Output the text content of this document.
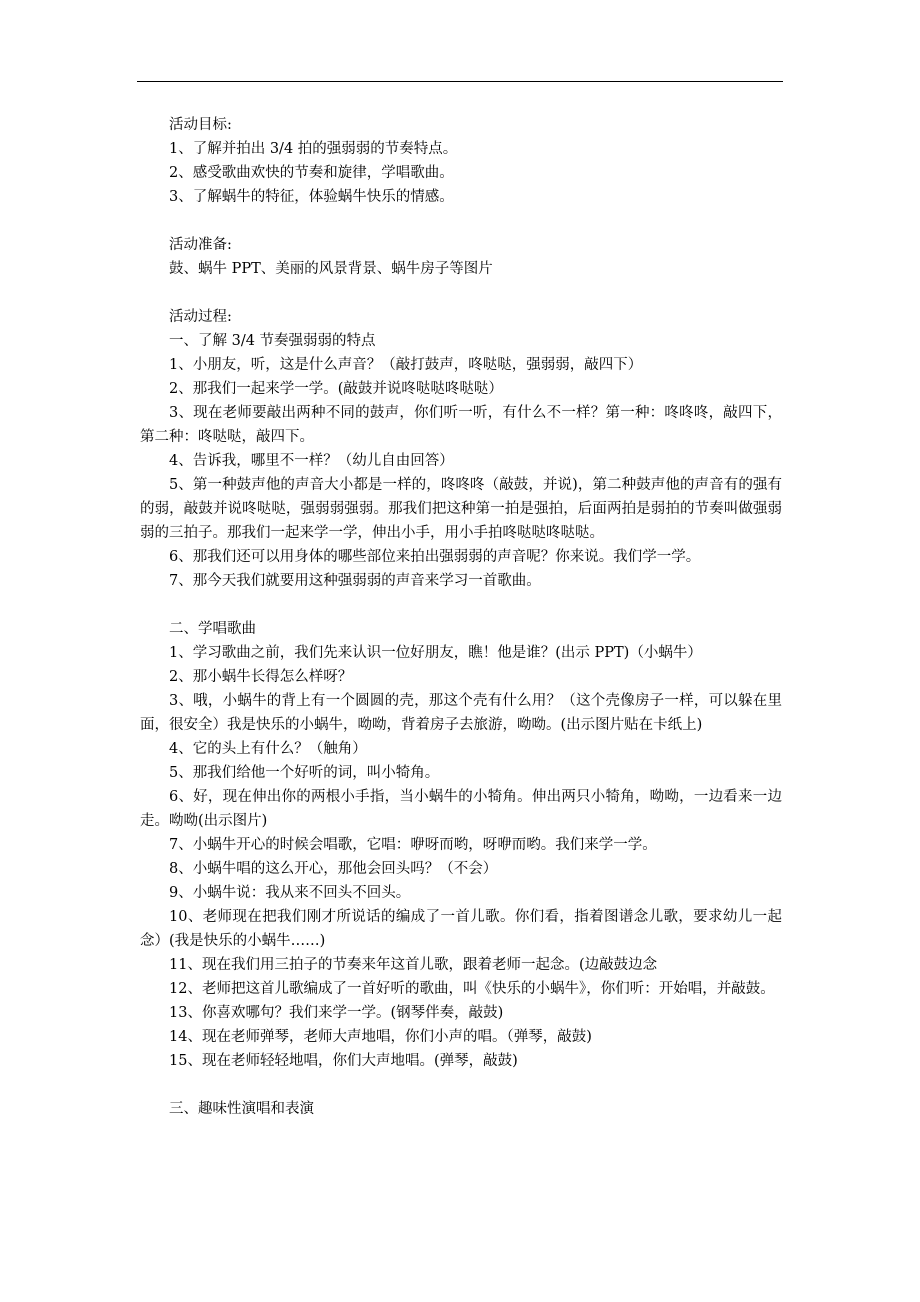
活动目标:

1、了解并拍出 3/4 拍的强弱弱的节奏特点。

2、感受歌曲欢快的节奏和旋律，学唱歌曲。

3、了解蜗牛的特征，体验蜗牛快乐的情感。

活动准备:

鼓、蜗牛 PPT、美丽的风景背景、蜗牛房子等图片

活动过程:

一、了解 3/4 节奏强弱弱的特点

1、小朋友，听，这是什么声音？（敲打鼓声，咚哒哒，强弱弱，敲四下）

2、那我们一起来学一学。(敲鼓并说咚哒哒咚哒哒）

3、现在老师要敲出两种不同的鼓声，你们听一听，有什么不一样？第一种：咚咚咚，敲四下，第二种：咚哒哒，敲四下。

4、告诉我，哪里不一样？（幼儿自由回答）

5、第一种鼓声他的声音大小都是一样的，咚咚咚（敲鼓，并说)，第二种鼓声他的声音有的强有的弱，敲鼓并说咚哒哒，强弱弱强弱。那我们把这种第一拍是强拍，后面两拍是弱拍的节奏叫做强弱弱的三拍子。那我们一起来学一学，伸出小手，用小手拍咚哒哒咚哒哒。

6、那我们还可以用身体的哪些部位来拍出强弱弱的声音呢？你来说。我们学一学。

7、那今天我们就要用这种强弱弱的声音来学习一首歌曲。

二、学唱歌曲

1、学习歌曲之前，我们先来认识一位好朋友，瞧！他是谁？(出示 PPT)（小蜗牛）

2、那小蜗牛长得怎么样呀？

3、哦，小蜗牛的背上有一个圆圆的壳，那这个壳有什么用？（这个壳像房子一样，可以躲在里面，很安全）我是快乐的小蜗牛，呦呦，背着房子去旅游，呦呦。(出示图片贴在卡纸上)

4、它的头上有什么？（触角）

5、那我们给他一个好听的词，叫小犄角。

6、好，现在伸出你的两根小手指，当小蜗牛的小犄角。伸出两只小犄角，呦呦，一边看来一边走。呦呦(出示图片)

7、小蜗牛开心的时候会唱歌，它唱：咿呀而哟，呀咿而哟。我们来学一学。

8、小蜗牛唱的这么开心，那他会回头吗？（不会）

9、小蜗牛说：我从来不回头不回头。

10、老师现在把我们刚才所说话的编成了一首儿歌。你们看，指着图谱念儿歌，要求幼儿一起念）(我是快乐的小蜗牛……)

11、现在我们用三拍子的节奏来年这首儿歌，跟着老师一起念。(边敲鼓边念

12、老师把这首儿歌编成了一首好听的歌曲，叫《快乐的小蜗牛》，你们听：开始唱，并敲鼓。

13、你喜欢哪句？我们来学一学。(钢琴伴奏，敲鼓)

14、现在老师弹琴，老师大声地唱，你们小声的唱。（弹琴，敲鼓)

15、现在老师轻轻地唱，你们大声地唱。(弹琴，敲鼓)

三、趣味性演唱和表演
